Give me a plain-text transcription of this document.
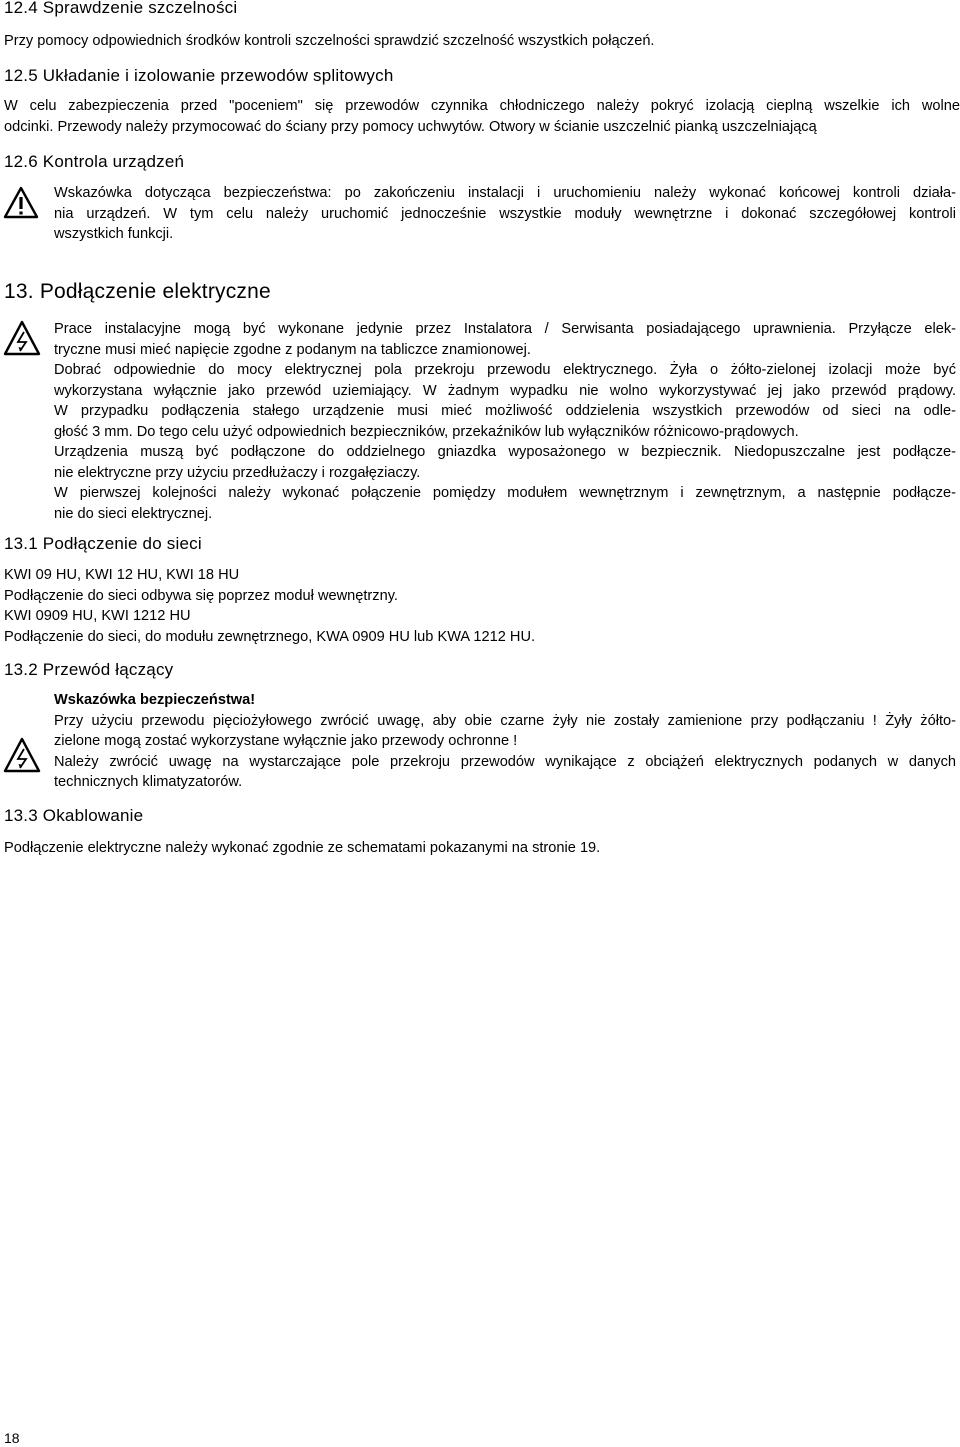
12.4 Sprawdzenie szczelności

Przy pomocy odpowiednich środków kontroli szczelności sprawdzić szczelność wszystkich połączeń.

12.5 Układanie i izolowanie przewodów splitowych
W celu zabezpieczenia przed "poceniem" się przewodów czynnika chłodniczego należy pokryć izolacją cieplną wszelkie ich wolne
odcinki. Przewody należy przymocować do ściany przy pomocy uchwytów. Otwory w ścianie uszczelnić pianką uszczelniającą
12.6 Kontrola urządzeń
Wskazówka dotycząca bezpieczeństwa: po zakończeniu instalacji i uruchomieniu należy wykonać końcowej kontroli działa-
nia urządzeń. W tym celu należy uruchomić jednocześnie wszystkie moduły wewnętrzne i dokonać szczegółowej kontroli
wszystkich funkcji.
13. Podłączenie elektryczne
Prace instalacyjne mogą być wykonane jedynie przez Instalatora / Serwisanta posiadającego uprawnienia. Przyłącze elek-
tryczne musi mieć napięcie zgodne z podanym na tabliczce znamionowej.
Dobrać odpowiednie do mocy elektrycznej pola przekroju przewodu elektrycznego. Żyła o żółto-zielonej izolacji może być
wykorzystana wyłącznie jako przewód uziemiający. W żadnym wypadku nie wolno wykorzystywać jej jako przewód prądowy.
W przypadku podłączenia stałego urządzenie musi mieć możliwość oddzielenia wszystkich przewodów od sieci na odle-
głość 3 mm. Do tego celu użyć odpowiednich bezpieczników, przekaźników lub wyłączników różnicowo-prądowych.
Urządzenia muszą być podłączone do oddzielnego gniazdka wyposażonego w bezpiecznik. Niedopuszczalne jest podłącze-
nie elektryczne przy użyciu przedłużaczy i rozgałęziaczy.
W pierwszej kolejności należy wykonać połączenie pomiędzy modułem wewnętrznym i zewnętrznym, a następnie podłącze-
nie do sieci elektrycznej.
13.1 Podłączenie do sieci
KWI 09 HU, KWI 12 HU, KWI 18 HU
Podłączenie do sieci odbywa się poprzez moduł wewnętrzny.
KWI 0909 HU, KWI 1212 HU
Podłączenie do sieci, do modułu zewnętrznego, KWA 0909 HU lub KWA 1212 HU.
13.2 Przewód łączący
Wskazówka bezpieczeństwa!
Przy użyciu przewodu pięciożyłowego zwrócić uwagę, aby obie czarne żyły nie zostały zamienione przy podłączaniu ! Żyły żółto-
zielone mogą zostać wykorzystane wyłącznie jako przewody ochronne !
Należy zwrócić uwagę na wystarczające pole przekroju przewodów wynikające z obciążeń elektrycznych podanych w danych
technicznych klimatyzatorów.
13.3 Okablowanie

Podłączenie elektryczne należy wykonać zgodnie ze schematami pokazanymi na stronie 19.

18
